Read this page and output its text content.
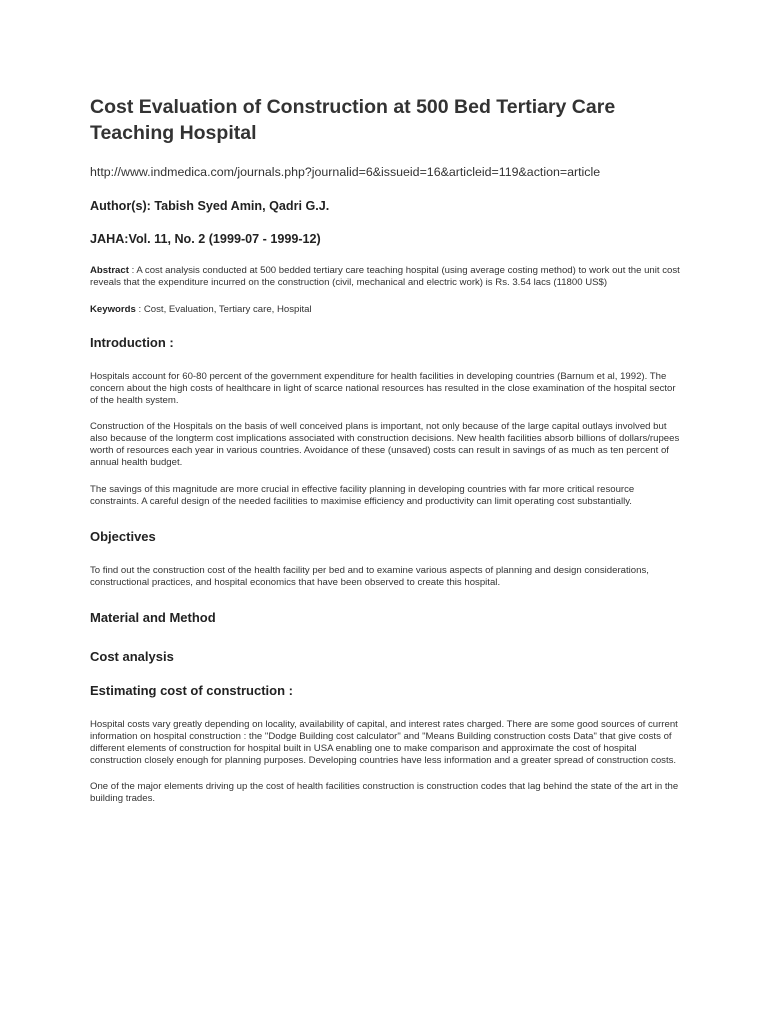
Cost Evaluation of Construction at 500 Bed Tertiary Care Teaching Hospital
http://www.indmedica.com/journals.php?journalid=6&issueid=16&articleid=119&action=article
Author(s): Tabish Syed Amin, Qadri G.J.
JAHA:Vol. 11, No. 2 (1999-07 - 1999-12)

Abstract : A cost analysis conducted at 500 bedded tertiary care teaching hospital (using average costing method) to work out the unit cost reveals that the expenditure incurred on the construction (civil, mechanical and electric work) is Rs. 3.54 lacs (11800 US$)

Keywords : Cost, Evaluation, Tertiary care, Hospital

Introduction :

Hospitals account for 60-80 percent of the government expenditure for health facilities in developing countries (Barnum et al, 1992). The concern about the high costs of healthcare in light of scarce national resources has resulted in the close examination of the hospital sector of the health system.

Construction of the Hospitals on the basis of well conceived plans is important, not only because of the large capital outlays involved but also because of the longterm cost implications associated with construction decisions. New health facilities absorb billions of dollars/rupees worth of resources each year in various countries. Avoidance of these (unsaved) costs can result in savings of as much as ten percent of annual health budget.

The savings of this magnitude are more crucial in effective facility planning in developing countries with far more critical resource constraints. A careful design of the needed facilities to maximise efficiency and productivity can limit operating cost substantially.

Objectives

To find out the construction cost of the health facility per bed and to examine various aspects of planning and design considerations, constructional practices, and hospital economics that have been observed to create this hospital.

Material and Method
Cost analysis
Estimating cost of construction :

Hospital costs vary greatly depending on locality, availability of capital, and interest rates charged. There are some good sources of current information on hospital construction : the "Dodge Building cost calculator" and "Means Building construction costs Data" that give costs of different elements of construction for hospital built in USA enabling one to make comparison and approximate the cost of hospital construction closely enough for planning purposes. Developing countries have less information and a greater spread of construction costs.

One of the major elements driving up the cost of health facilities construction is construction codes that lag behind the state of the art in the building trades.
